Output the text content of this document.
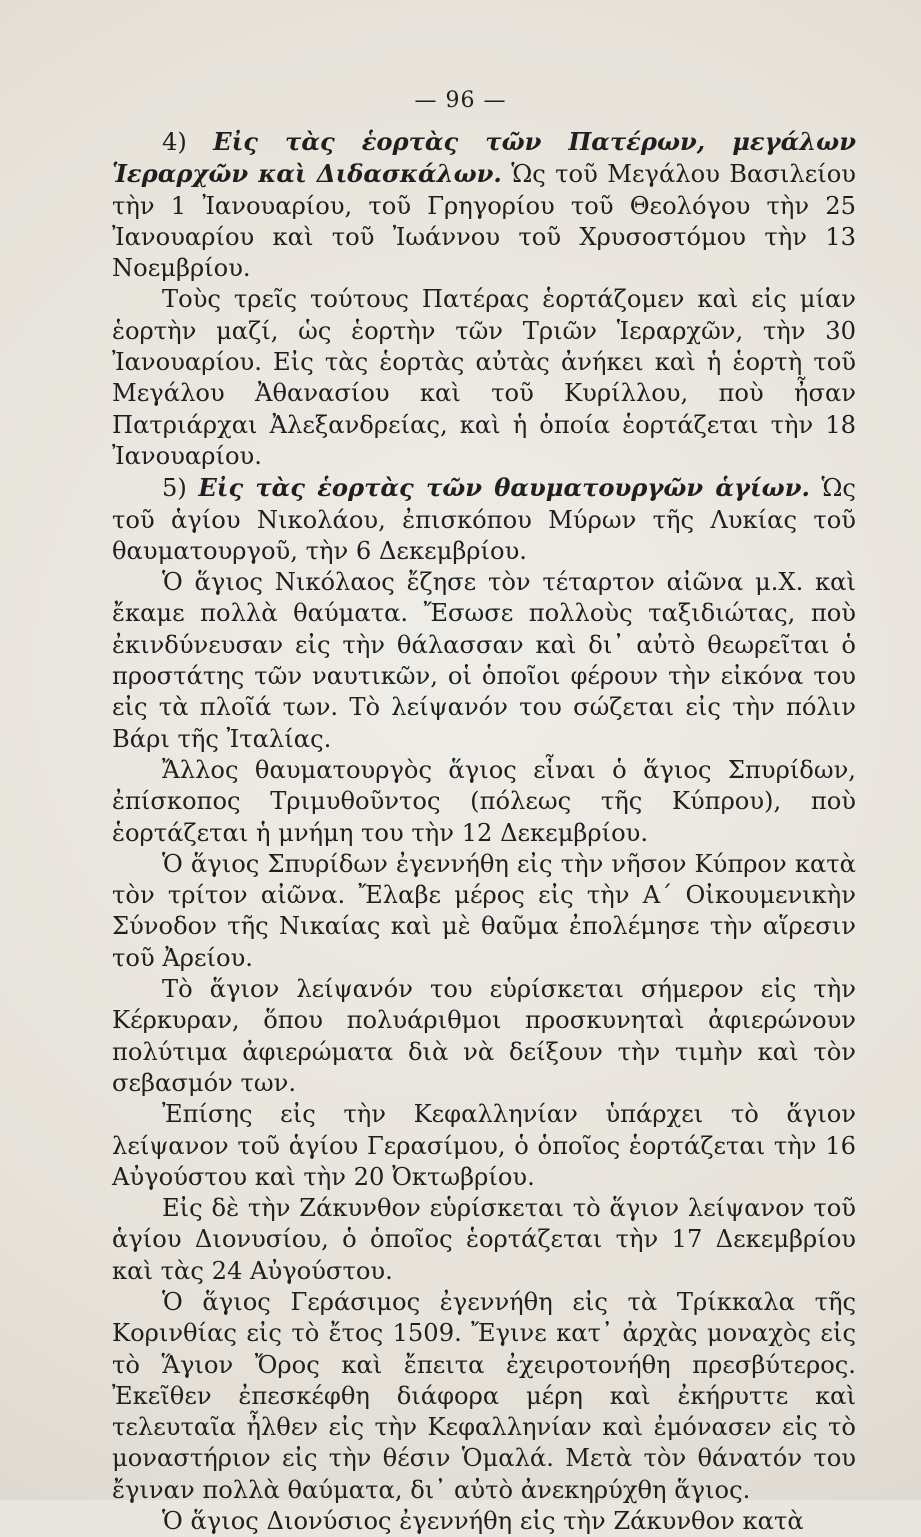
— 96 —

4) Εἰς τὰς ἑορτὰς τῶν Πατέρων, μεγάλων Ἱεραρχῶν καὶ Διδασκάλων. Ὡς τοῦ Μεγάλου Βασιλείου τὴν 1 Ἰανουαρίου, τοῦ Γρηγορίου τοῦ Θεολόγου τὴν 25 Ἰανουαρίου καὶ τοῦ Ἰωάννου τοῦ Χρυσοστόμου τὴν 13 Νοεμβρίου.

Τοὺς τρεῖς τούτους Πατέρας ἑορτάζομεν καὶ εἰς μίαν ἑορτὴν μαζί, ὡς ἑορτὴν τῶν Τριῶν Ἱεραρχῶν, τὴν 30 Ἰανουαρίου. Εἰς τὰς ἑορτὰς αὐτὰς ἀνήκει καὶ ἡ ἑορτὴ τοῦ Μεγάλου Ἀθανασίου καὶ τοῦ Κυρίλλου, ποὺ ἦσαν Πατριάρχαι Ἀλεξανδρείας, καὶ ἡ ὁποία ἑορτάζεται τὴν 18 Ἰανουαρίου.

5) Εἰς τὰς ἑορτὰς τῶν θαυματουργῶν ἁγίων. Ὡς τοῦ ἁγίου Νικολάου, ἐπισκόπου Μύρων τῆς Λυκίας τοῦ θαυματουργοῦ, τὴν 6 Δεκεμβρίου.

Ὁ ἅγιος Νικόλαος ἔζησε τὸν τέταρτον αἰῶνα μ.Χ. καὶ ἔκαμε πολλὰ θαύματα. Ἔσωσε πολλοὺς ταξιδιώτας, ποὺ ἐκινδύνευσαν εἰς τὴν θάλασσαν καὶ δι᾽ αὐτὸ θεωρεῖται ὁ προστάτης τῶν ναυτικῶν, οἱ ὁποῖοι φέρουν τὴν εἰκόνα του εἰς τὰ πλοῖά των. Τὸ λείψανόν του σώζεται εἰς τὴν πόλιν Βάρι τῆς Ἰταλίας.

Ἄλλος θαυματουργὸς ἅγιος εἶναι ὁ ἅγιος Σπυρίδων, ἐπίσκοπος Τριμυθοῦντος (πόλεως τῆς Κύπρου), ποὺ ἑορτάζεται ἡ μνήμη του τὴν 12 Δεκεμβρίου.

Ὁ ἅγιος Σπυρίδων ἐγεννήθη εἰς τὴν νῆσον Κύπρον κατὰ τὸν τρίτον αἰῶνα. Ἔλαβε μέρος εἰς τὴν Α΄ Οἰκουμενικὴν Σύνοδον τῆς Νικαίας καὶ μὲ θαῦμα ἐπολέμησε τὴν αἵρεσιν τοῦ Ἀρείου.

Τὸ ἅγιον λείψανόν του εὑρίσκεται σήμερον εἰς τὴν Κέρκυραν, ὅπου πολυάριθμοι προσκυνηταὶ ἀφιερώνουν πολύτιμα ἀφιερώματα διὰ νὰ δείξουν τὴν τιμὴν καὶ τὸν σεβασμόν των.

Ἐπίσης εἰς τὴν Κεφαλληνίαν ὑπάρχει τὸ ἅγιον λείψανον τοῦ ἁγίου Γερασίμου, ὁ ὁποῖος ἑορτάζεται τὴν 16 Αὐγούστου καὶ τὴν 20 Ὀκτωβρίου.

Εἰς δὲ τὴν Ζάκυνθον εὑρίσκεται τὸ ἅγιον λείψανον τοῦ ἁγίου Διονυσίου, ὁ ὁποῖος ἑορτάζεται τὴν 17 Δεκεμβρίου καὶ τὰς 24 Αὐγούστου.

Ὁ ἅγιος Γεράσιμος ἐγεννήθη εἰς τὰ Τρίκκαλα τῆς Κορινθίας εἰς τὸ ἔτος 1509. Ἔγινε κατ᾽ ἀρχὰς μοναχὸς εἰς τὸ Ἅγιον Ὄρος καὶ ἔπειτα ἐχειροτονήθη πρεσβύτερος. Ἐκεῖθεν ἐπεσκέφθη διάφορα μέρη καὶ ἐκήρυττε καὶ τελευταῖα ἦλθεν εἰς τὴν Κεφαλληνίαν καὶ ἐμόνασεν εἰς τὸ μοναστήριον εἰς τὴν θέσιν Ὁμαλά. Μετὰ τὸν θάνατόν του ἔγιναν πολλὰ θαύματα, δι᾽ αὐτὸ ἀνεκηρύχθη ἅγιος.

Ὁ ἅγιος Διονύσιος ἐγεννήθη εἰς τὴν Ζάκυνθον κατὰ
